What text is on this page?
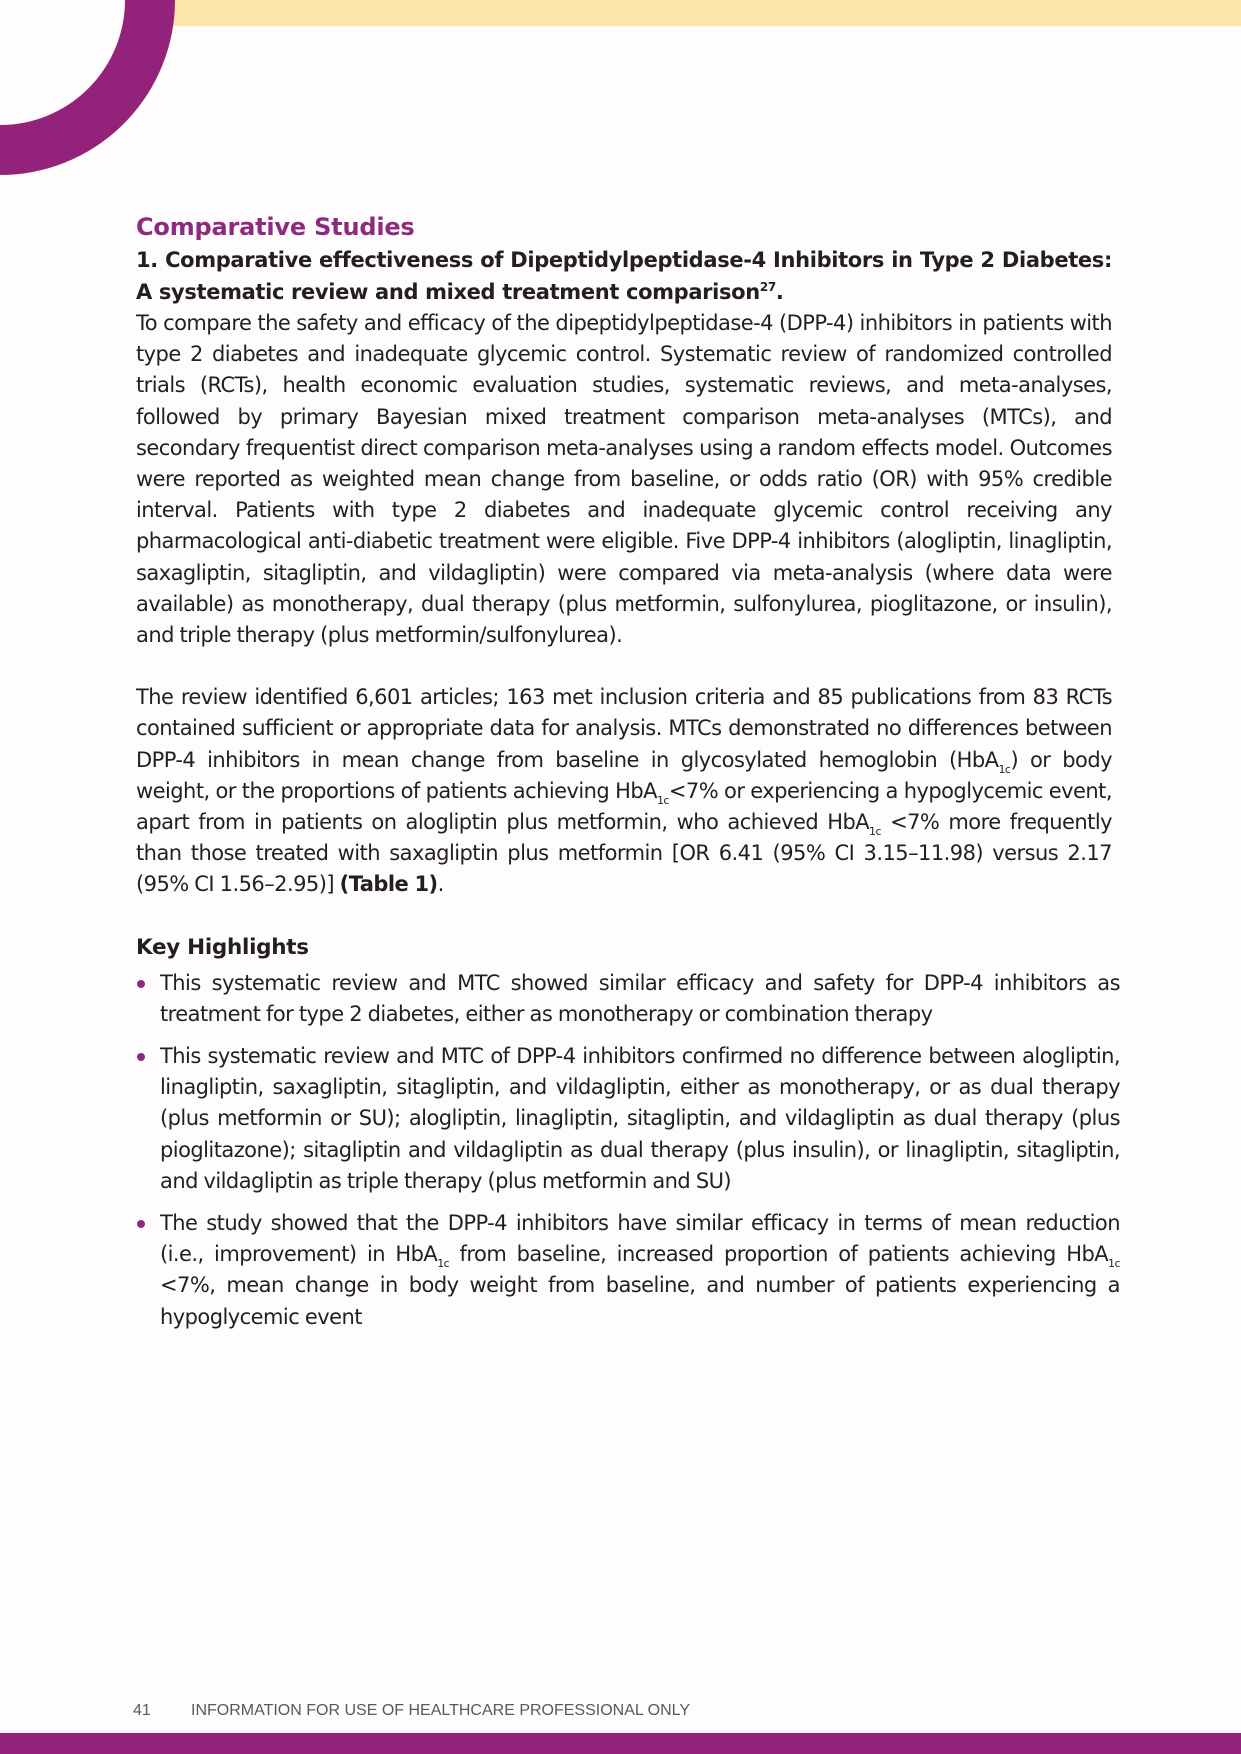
Comparative Studies
1. Comparative effectiveness of Dipeptidylpeptidase-4 Inhibitors in Type 2 Diabetes: A systematic review and mixed treatment comparison$^{27}$.

To compare the safety and efficacy of the dipeptidylpeptidase-4 (DPP-4) inhibitors in patients with type 2 diabetes and inadequate glycemic control. Systematic review of randomized controlled trials (RCTs), health economic evaluation studies, systematic reviews, and meta-analyses, followed by primary Bayesian mixed treatment comparison meta-analyses (MTCs), and secondary frequentist direct comparison meta-analyses using a random effects model. Outcomes were reported as weighted mean change from baseline, or odds ratio (OR) with 95% credible interval. Patients with type 2 diabetes and inadequate glycemic control receiving any pharmacological anti-diabetic treatment were eligible. Five DPP-4 inhibitors (alogliptin, linagliptin, saxagliptin, sitagliptin, and vildagliptin) were compared via meta-analysis (where data were available) as monotherapy, dual therapy (plus metformin, sulfonylurea, pioglitazone, or insulin), and triple therapy (plus metformin/sulfonylurea).

The review identified 6,601 articles; 163 met inclusion criteria and 85 publications from 83 RCTs contained sufficient or appropriate data for analysis. MTCs demonstrated no differences between DPP-4 inhibitors in mean change from baseline in glycosylated hemoglobin (HbA$_{1c}$) or body weight, or the proportions of patients achieving HbA$_{1c}$<7% or experiencing a hypoglycemic event, apart from in patients on alogliptin plus metformin, who achieved HbA$_{1c}$ <7% more frequently than those treated with saxagliptin plus metformin [OR 6.41 (95% CI 3.15–11.98) versus 2.17 (95% CI 1.56–2.95)] (Table 1).

Key Highlights
This systematic review and MTC showed similar efficacy and safety for DPP-4 inhibitors as treatment for type 2 diabetes, either as monotherapy or combination therapy
This systematic review and MTC of DPP-4 inhibitors confirmed no difference between alogliptin, linagliptin, saxagliptin, sitagliptin, and vildagliptin, either as monotherapy, or as dual therapy (plus metformin or SU); alogliptin, linagliptin, sitagliptin, and vildagliptin as dual therapy (plus pioglitazone); sitagliptin and vildagliptin as dual therapy (plus insulin), or linagliptin, sitagliptin, and vildagliptin as triple therapy (plus metformin and SU)
The study showed that the DPP-4 inhibitors have similar efficacy in terms of mean reduction (i.e., improvement) in HbA$_{1c}$ from baseline, increased proportion of patients achieving HbA$_{1c}$ <7%, mean change in body weight from baseline, and number of patients experiencing a hypoglycemic event
41	INFORMATION FOR USE OF HEALTHCARE PROFESSIONAL ONLY
